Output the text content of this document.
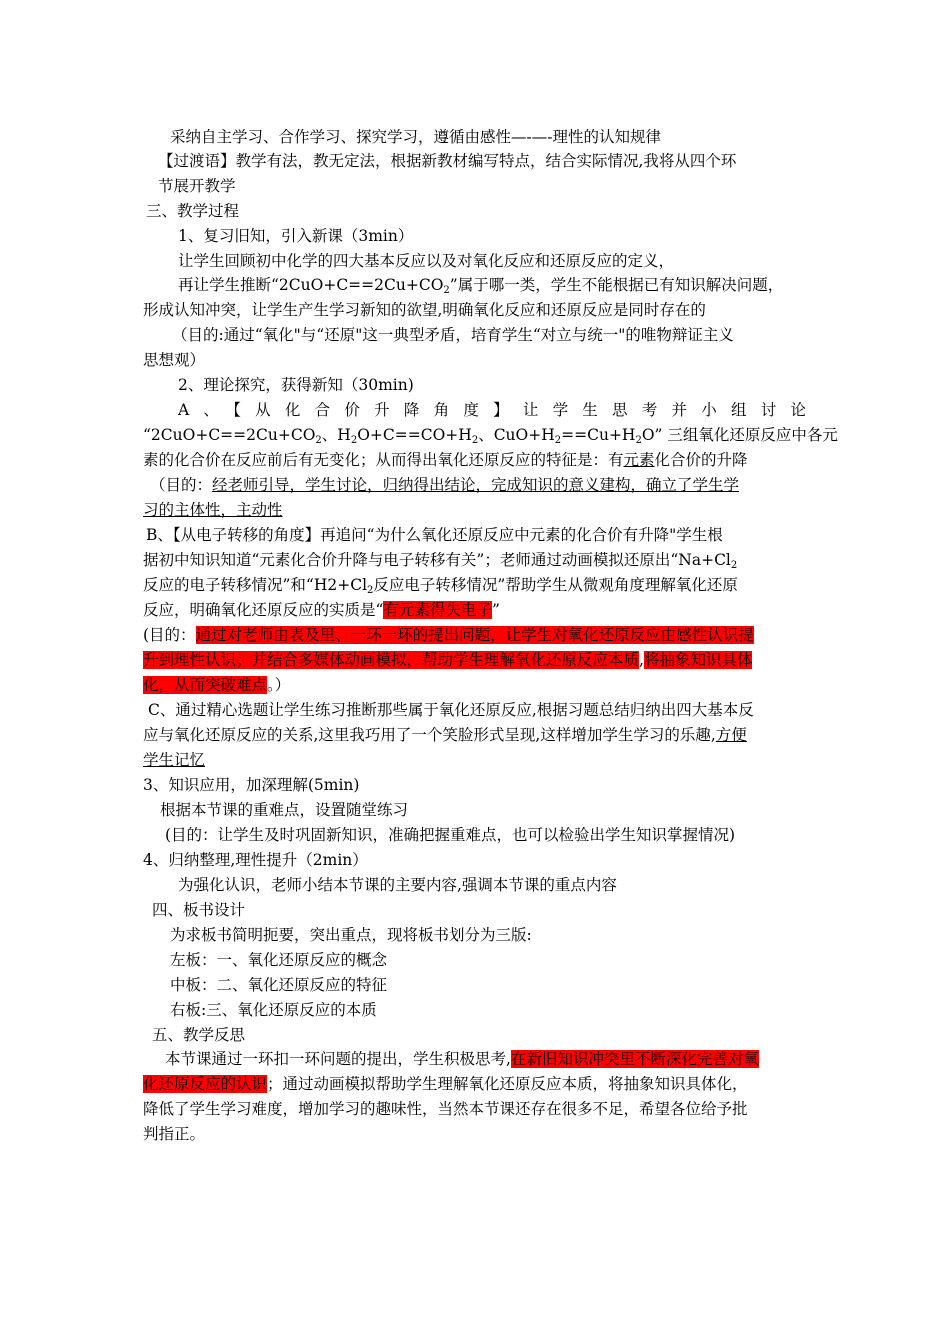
采纳自主学习、合作学习、探究学习，遵循由感性—-—-理性的认知规律
【过渡语】教学有法，教无定法，根据新教材编写特点，结合实际情况,我将从四个环
节展开教学
三、教学过程
1、复习旧知，引入新课（3min）
让学生回顾初中化学的四大基本反应以及对氧化反应和还原反应的定义，
再让学生推断“$2CuO+C==2Cu+CO_2$”属于哪一类，学生不能根据已有知识解决问题，
形成认知冲突，让学生产生学习新知的欲望,明确氧化反应和还原反应是同时存在的
（目的:通过“氧化"与“还原"这一典型矛盾，培育学生“对立与统一"的唯物辩证主义
思想观）
2、理论探究，获得新知（30min)
A、【从化合价升降角度】让学生思考并小组讨论
“$2CuO+C==2Cu+CO_2$、$H_2O+C==CO+H_2$、$CuO+H_2==Cu+H_2O$” 三组氧化还原反应中各元
素的化合价在反应前后有无变化；从而得出氧化还原反应的特征是：有元素化合价的升降
（目的：经老师引导，学生讨论，归纳得出结论，完成知识的意义建构，确立了学生学
习的主体性，主动性
B、【从电子转移的角度】再追问“为什么氧化还原反应中元素的化合价有升降"学生根
据初中知识知道“元素化合价升降与电子转移有关”；老师通过动画模拟还原出“$Na+Cl_2$
反应的电子转移情况”和“$H2+Cl_2$反应电子转移情况”帮助学生从微观角度理解氧化还原
反应，明确氧化还原反应的实质是“有元素得失电子”
(目的：通过对老师由表及里、一环一环的提出问题，让学生对氧化还原反应由感性认识提
升到理性认识；并结合多媒体动画模拟，帮助学生理解氧化还原反应本质,将抽象知识具体
化，从而突破难点。）
C、通过精心选题让学生练习推断那些属于氧化还原反应,根据习题总结归纳出四大基本反
应与氧化还原反应的关系,这里我巧用了一个笑脸形式呈现,这样增加学生学习的乐趣,方便
学生记忆
3、知识应用，加深理解(5min)
根据本节课的重难点，设置随堂练习
(目的：让学生及时巩固新知识，准确把握重难点，也可以检验出学生知识掌握情况)
4、归纳整理,理性提升（2min）
为强化认识，老师小结本节课的主要内容,强调本节课的重点内容
四、板书设计
为求板书简明扼要，突出重点，现将板书划分为三版:
左板：一、氧化还原反应的概念
中板：二、氧化还原反应的特征
右板:三、氧化还原反应的本质
五、教学反思
本节课通过一环扣一环问题的提出，学生积极思考,在新旧知识冲突里不断深化完善对氧
化还原反应的认识；通过动画模拟帮助学生理解氧化还原反应本质，将抽象知识具体化，
降低了学生学习难度，增加学习的趣味性，当然本节课还存在很多不足，希望各位给予批
判指正。
